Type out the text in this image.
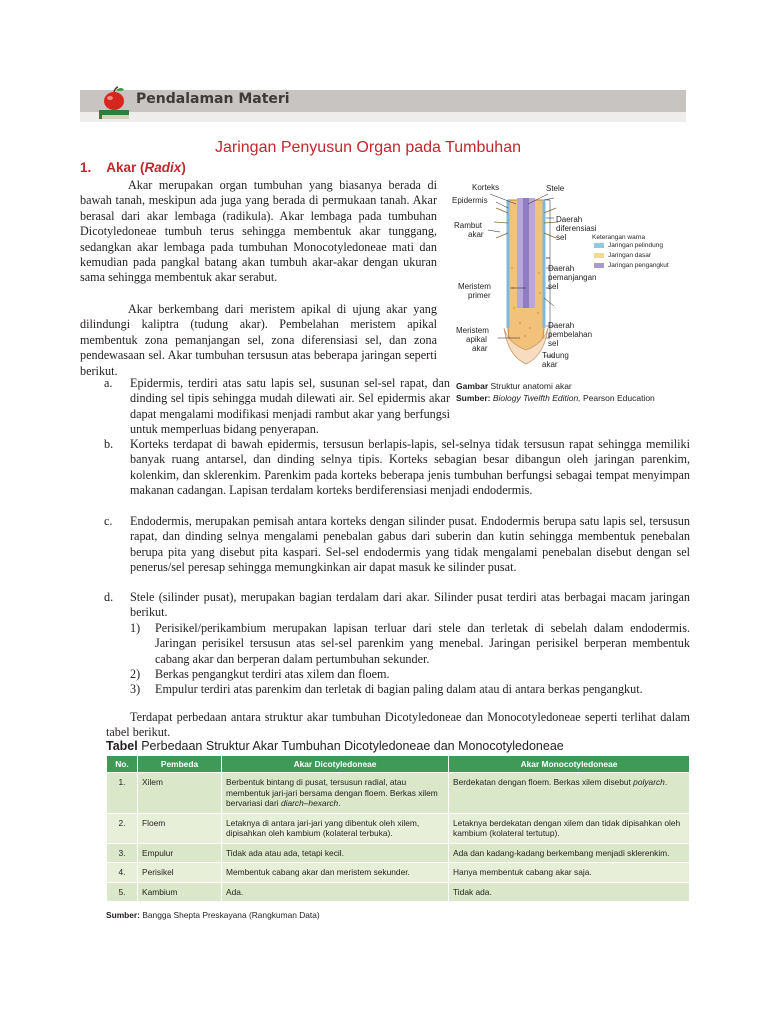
Pendalaman Materi
Jaringan Penyusun Organ pada Tumbuhan
1. Akar (Radix)

Akar merupakan organ tumbuhan yang biasanya berada di bawah tanah, meskipun ada juga yang berada di permukaan tanah. Akar berasal dari akar lembaga (radikula). Akar lembaga pada tumbuhan Dicotyledoneae tumbuh terus sehingga membentuk akar tunggang, sedangkan akar lembaga pada tumbuhan Monocotyledoneae mati dan kemudian pada pangkal batang akan tumbuh akar-akar dengan ukuran sama sehingga membentuk akar serabut.

Akar berkembang dari meristem apikal di ujung akar yang dilindungi kaliptra (tudung akar). Pembelahan meristem apikal membentuk zona pemanjangan sel, zona diferensiasi sel, dan zona pendewasaan sel. Akar tumbuhan tersusun atas beberapa jaringan seperti berikut.

Korteks	Stele
Epidermis
Rambut
akar
Daerah
diferensiasi
sel
Daerah
pemanjangan
sel
Meristem
primer
Daerah
pembelahan
sel
Meristem
apikal
akar
Tudung
akar
Keterangan warna
Jaringan pelindung
Jaringan dasar
Jaringan pengangkut
Gambar Struktur anatomi akar
Sumber: Biology Twelfth Edition, Pearson Education
a. Epidermis, terdiri atas satu lapis sel, susunan sel-sel rapat, dan dinding sel tipis sehingga mudah dilewati air. Sel epidermis akar dapat mengalami modifikasi menjadi rambut akar yang berfungsi untuk memperluas bidang penyerapan.
b. Korteks terdapat di bawah epidermis, tersusun berlapis-lapis, sel-selnya tidak tersusun rapat sehingga memiliki banyak ruang antarsel, dan dinding selnya tipis. Korteks sebagian besar dibangun oleh jaringan parenkim, kolenkim, dan sklerenkim. Parenkim pada korteks beberapa jenis tumbuhan berfungsi sebagai tempat menyimpan makanan cadangan. Lapisan terdalam korteks berdiferensiasi menjadi endodermis.
c. Endodermis, merupakan pemisah antara korteks dengan silinder pusat. Endodermis berupa satu lapis sel, tersusun rapat, dan dinding selnya mengalami penebalan gabus dari suberin dan kutin sehingga membentuk penebalan berupa pita yang disebut pita kaspari. Sel-sel endodermis yang tidak mengalami penebalan disebut dengan sel penerus/sel peresap sehingga memungkinkan air dapat masuk ke silinder pusat.
d. Stele (silinder pusat), merupakan bagian terdalam dari akar. Silinder pusat terdiri atas berbagai macam jaringan berikut.
1) Perisikel/perikambium merupakan lapisan terluar dari stele dan terletak di sebelah dalam endodermis. Jaringan perisikel tersusun atas sel-sel parenkim yang menebal. Jaringan perisikel berperan membentuk cabang akar dan berperan dalam pertumbuhan sekunder.
2) Berkas pengangkut terdiri atas xilem dan floem.
3) Empulur terdiri atas parenkim dan terletak di bagian paling dalam atau di antara berkas pengangkut.

Terdapat perbedaan antara struktur akar tumbuhan Dicotyledoneae dan Monocotyledoneae seperti terlihat dalam tabel berikut.

Tabel Perbedaan Struktur Akar Tumbuhan Dicotyledoneae dan Monocotyledoneae
No.	Pembeda	Akar Dicotyledoneae	Akar Monocotyledoneae
1.	Xilem	Berbentuk bintang di pusat, tersusun radial, atau membentuk jari-jari bersama dengan floem. Berkas xilem bervariasi dari diarch–hexarch.	Berdekatan dengan floem. Berkas xilem disebut polyarch.
2.	Floem	Letaknya di antara jari-jari yang dibentuk oleh xilem, dipisahkan oleh kambium (kolateral terbuka).	Letaknya berdekatan dengan xilem dan tidak dipisahkan oleh kambium (kolateral tertutup).
3.	Empulur	Tidak ada atau ada, tetapi kecil.	Ada dan kadang-kadang berkembang menjadi sklerenkim.
4.	Perisikel	Membentuk cabang akar dan meristem sekunder.	Hanya membentuk cabang akar saja.
5.	Kambium	Ada.	Tidak ada.
Sumber: Bangga Shepta Preskayana (Rangkuman Data)
